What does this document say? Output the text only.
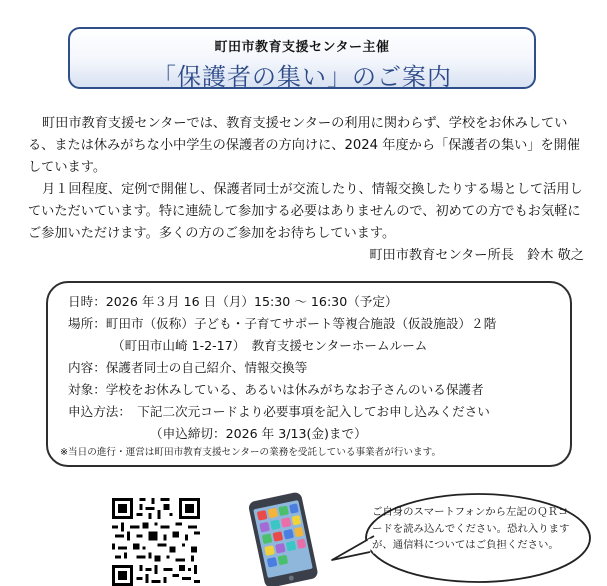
町田市教育支援センター主催
「保護者の集い」のご案内

町田市教育支援センターでは、教育支援センターの利用に関わらず、学校をお休みしている、または休みがちな小中学生の保護者の方向けに、2024 年度から「保護者の集い」を開催しています。

月１回程度、定例で開催し、保護者同士が交流したり、情報交換したりする場として活用していただいています。特に連続して参加する必要はありませんので、初めての方でもお気軽にご参加いただけます。多くの方のご参加をお待ちしています。

町田市教育センター所長　鈴木 敬之
日時：2026 年３月 16 日（月）15:30 ～ 16:30（予定）
場所：町田市（仮称）子ども・子育てサポート等複合施設（仮設施設）２階
（町田市山崎 1-2-17）　教育支援センターホームルーム
内容：保護者同士の自己紹介、情報交換等
対象：学校をお休みしている、あるいは休みがちなお子さんのいる保護者
申込方法：　下記二次元コードより必要事項を記入してお申し込みください
（申込締切：2026 年 3/13(金)まで）
※当日の進行・運営は町田市教育支援センターの業務を受託している事業者が行います。
ご自身のスマートフォンから左記のＱＲコードを読み込んでください。恐れ入りますが、通信料についてはご負担ください。
